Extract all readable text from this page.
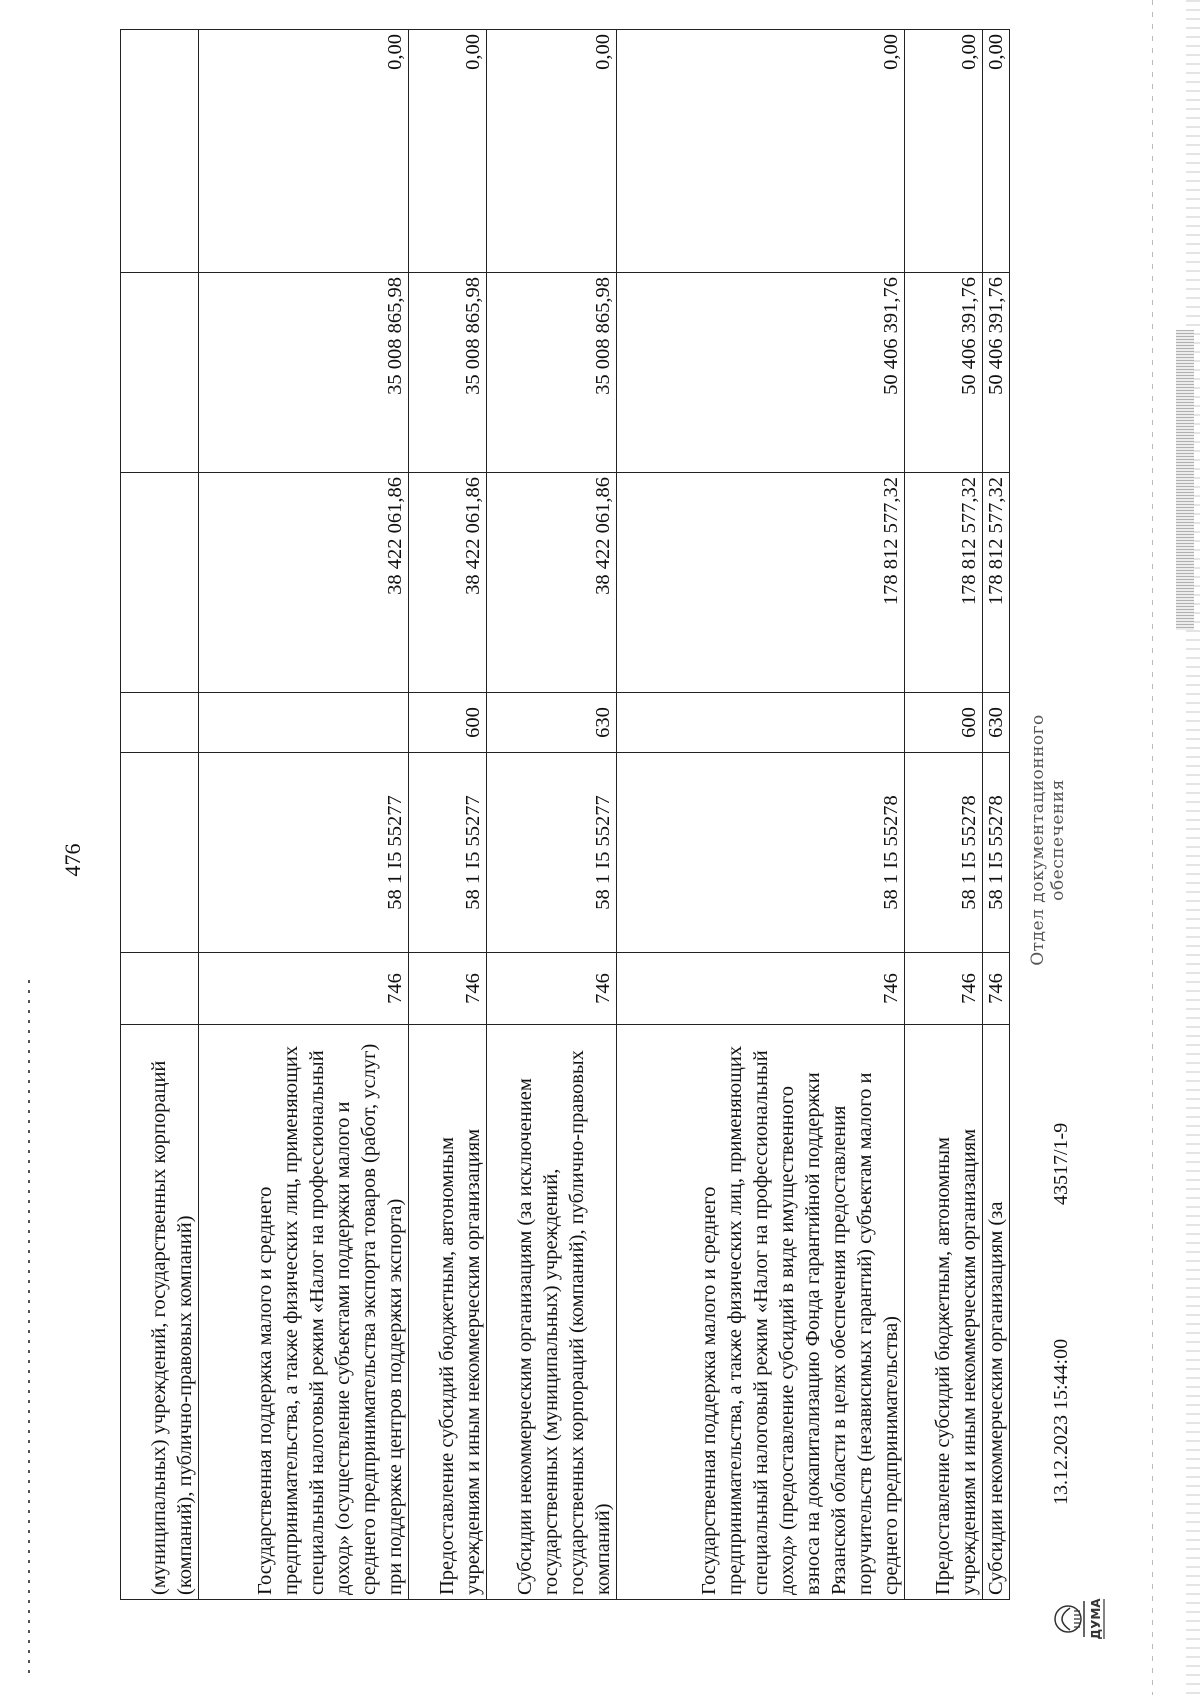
476
(муниципальных) учреждений, государственных корпораций (компаний), публично-правовых компаний)						
Государственная поддержка малого и среднего предпринимательства, а также физических лиц, применяющих специальный налоговый режим «Налог на профессиональный доход» (осуществление субъектами поддержки малого и среднего предпринимательства экспорта товаров (работ, услуг) при поддержке центров поддержки экспорта)	746	58 1 I5 55277		38 422 061,86	35 008 865,98	0,00
Предоставление субсидий бюджетным, автономным учреждениям и иным некоммерческим организациям	746	58 1 I5 55277	600	38 422 061,86	35 008 865,98	0,00
Субсидии некоммерческим организациям (за исключением государственных (муниципальных) учреждений, государственных корпораций (компаний), публично-правовых компаний)	746	58 1 I5 55277	630	38 422 061,86	35 008 865,98	0,00
Государственная поддержка малого и среднего предпринимательства, а также физических лиц, применяющих специальный налоговый режим «Налог на профессиональный доход» (предоставление субсидий в виде имущественного взноса на докапитализацию Фонда гарантийной поддержки Рязанской области в целях обеспечения предоставления поручительств (независимых гарантий) субъектам малого и среднего предпринимательства)	746	58 1 I5 55278		178 812 577,32	50 406 391,76	0,00
Предоставление субсидий бюджетным, автономным учреждениям и иным некоммерческим организациям	746	58 1 I5 55278	600	178 812 577,32	50 406 391,76	0,00
Субсидии некоммерческим организациям (за	746	58 1 I5 55278	630	178 812 577,32	50 406 391,76	0,00
ДУМА
13.12.2023 15:44:00
43517/1-9
Отдел документационного обеспечения
